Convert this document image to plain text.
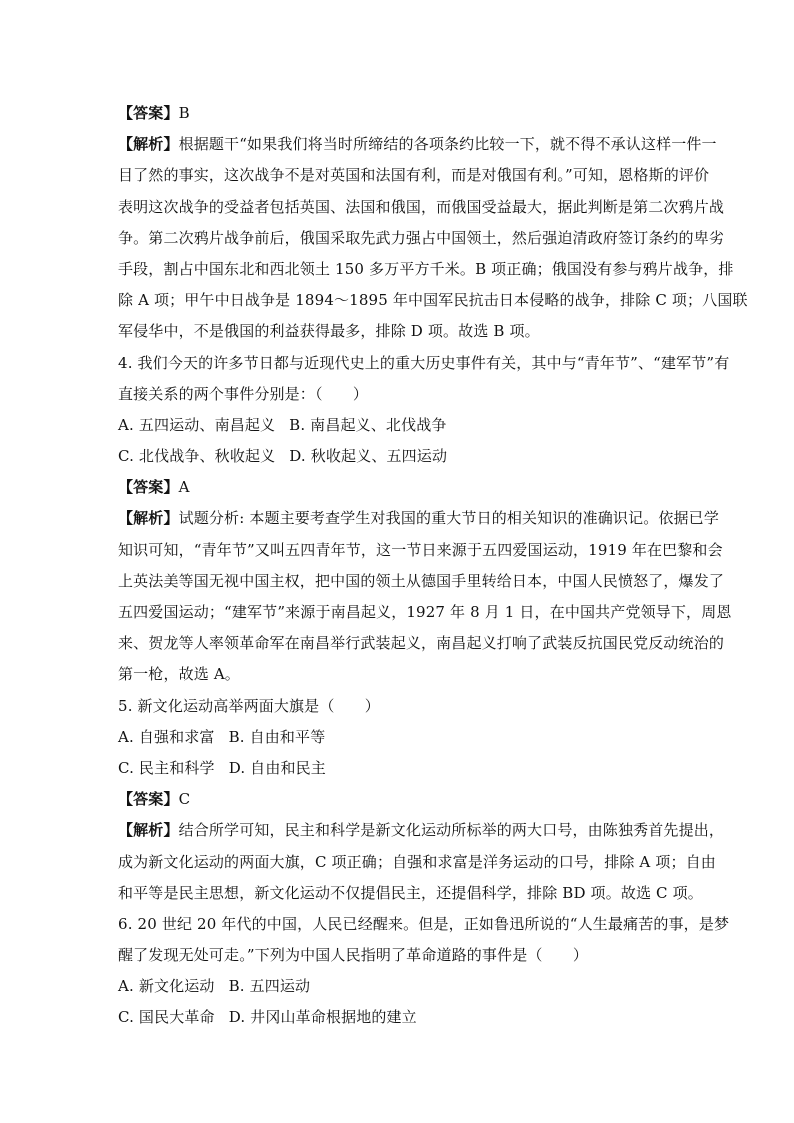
【答案】B
【解析】根据题干“如果我们将当时所缔结的各项条约比较一下，就不得不承认这样一件一
目了然的事实，这次战争不是对英国和法国有利，而是对俄国有利。”可知，恩格斯的评价
表明这次战争的受益者包括英国、法国和俄国，而俄国受益最大，据此判断是第二次鸦片战
争。第二次鸦片战争前后，俄国采取先武力强占中国领土，然后强迫清政府签订条约的卑劣
手段，割占中国东北和西北领土 150 多万平方千米。B 项正确；俄国没有参与鸦片战争，排
除 A 项；甲午中日战争是 1894～1895 年中国军民抗击日本侵略的战争，排除 C 项；八国联
军侵华中，不是俄国的利益获得最多，排除 D 项。故选 B 项。
4. 我们今天的许多节日都与近现代史上的重大历史事件有关，其中与“青年节”、“建军节”有
直接关系的两个事件分别是：（　　）
A. 五四运动、南昌起义 B. 南昌起义、北伐战争
C. 北伐战争、秋收起义 D. 秋收起义、五四运动
【答案】A
【解析】试题分析: 本题主要考查学生对我国的重大节日的相关知识的准确识记。依据已学
知识可知，“青年节”又叫五四青年节，这一节日来源于五四爱国运动，1919 年在巴黎和会
上英法美等国无视中国主权，把中国的领土从德国手里转给日本，中国人民愤怒了，爆发了
五四爱国运动；“建军节”来源于南昌起义，1927 年 8 月 1 日，在中国共产党领导下，周恩
来、贺龙等人率领革命军在南昌举行武装起义，南昌起义打响了武装反抗国民党反动统治的
第一枪，故选 A。
5. 新文化运动高举两面大旗是（　　）
A. 自强和求富 B. 自由和平等
C. 民主和科学 D. 自由和民主
【答案】C
【解析】结合所学可知，民主和科学是新文化运动所标举的两大口号，由陈独秀首先提出，
成为新文化运动的两面大旗，C 项正确；自强和求富是洋务运动的口号，排除 A 项；自由
和平等是民主思想，新文化运动不仅提倡民主，还提倡科学，排除 BD 项。故选 C 项。
6. 20 世纪 20 年代的中国，人民已经醒来。但是，正如鲁迅所说的“人生最痛苦的事，是梦
醒了发现无处可走。”下列为中国人民指明了革命道路的事件是（　　）
A. 新文化运动 B. 五四运动
C. 国民大革命 D. 井冈山革命根据地的建立
